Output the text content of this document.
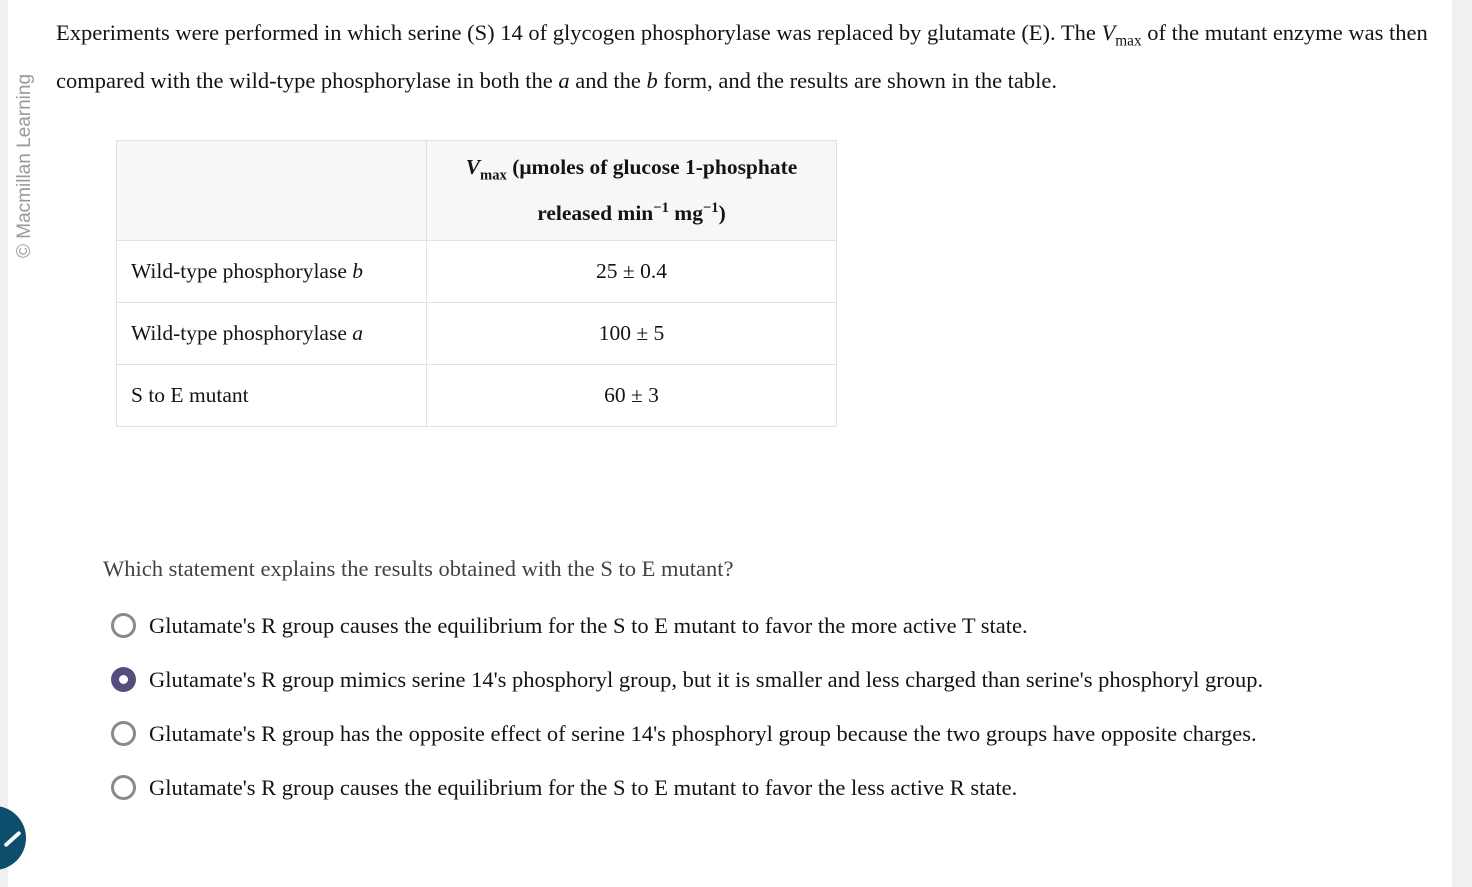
Experiments were performed in which serine (S) 14 of glycogen phosphorylase was replaced by glutamate (E). The $V_{max}$ of the mutant enzyme was then compared with the wild-type phosphorylase in both the a and the b form, and the results are shown in the table.
	$V_{max}$ (μmoles of glucose 1-phosphate released $\min^{-1} mg^{-1}$)
Wild-type phosphorylase b	25 ± 0.4
Wild-type phosphorylase a	100 ± 5
S to E mutant	60 ± 3
Which statement explains the results obtained with the S to E mutant?
Glutamate's R group causes the equilibrium for the S to E mutant to favor the more active T state.
Glutamate's R group mimics serine 14's phosphoryl group, but it is smaller and less charged than serine's phosphoryl group.
Glutamate's R group has the opposite effect of serine 14's phosphoryl group because the two groups have opposite charges.
Glutamate's R group causes the equilibrium for the S to E mutant to favor the less active R state.
© Macmillan Learning
